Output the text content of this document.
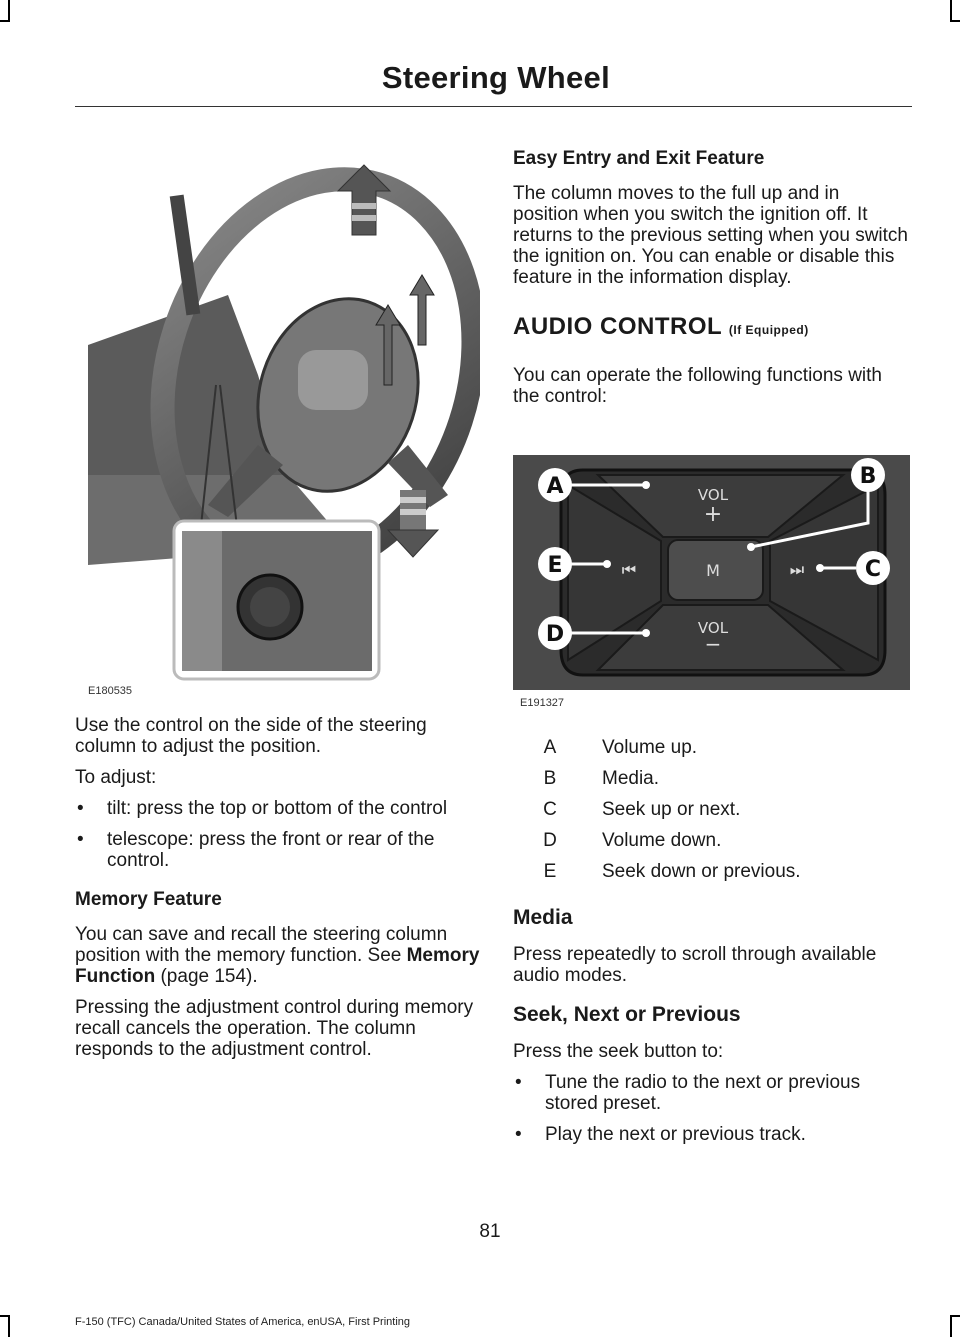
Steering Wheel
E180535

Use the control on the side of the steering column to adjust the position.

To adjust:

• tilt: press the top or bottom of the control
• telescope: press the front or rear of the control.
Memory Feature

You can save and recall the steering column position with the memory function. See Memory Function (page 154).

Pressing the adjustment control during memory recall cancels the operation. The column responds to the adjustment control.

Easy Entry and Exit Feature

The column moves to the full up and in position when you switch the ignition off. It returns to the previous setting when you switch the ignition on. You can enable or disable this feature in the information display.

AUDIO CONTROL (If Equipped)

You can operate the following functions with the control:

M
VOL
+
VOL
−
⏮	⏭
A	B
C
D
E
E191327
A Volume up.
B Media.
C Seek up or next.
D Volume down.
E Seek down or previous.
Media

Press repeatedly to scroll through available audio modes.

Seek, Next or Previous

Press the seek button to:

• Tune the radio to the next or previous stored preset.
• Play the next or previous track.
81
F-150 (TFC) Canada/United States of America, enUSA, First Printing
